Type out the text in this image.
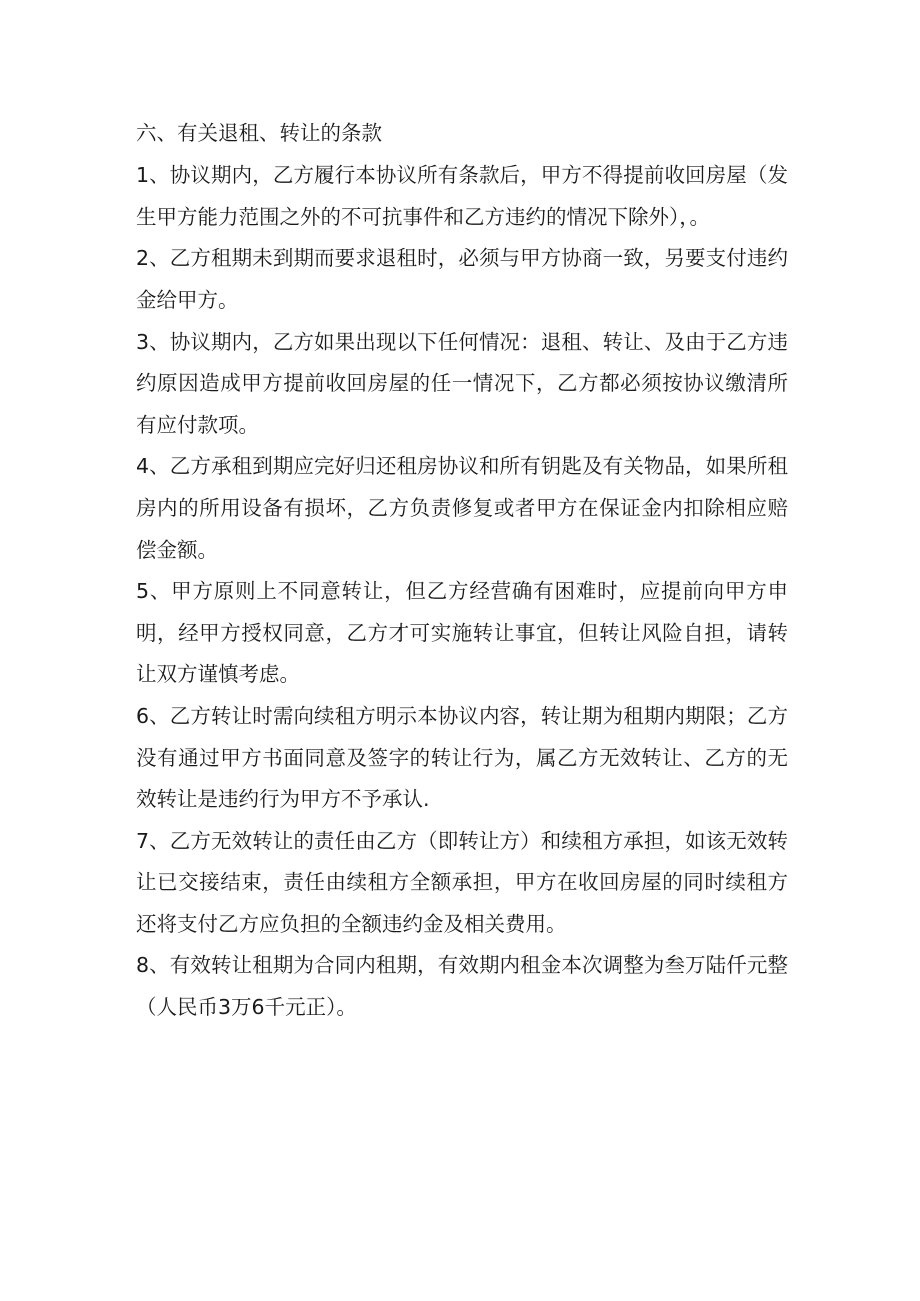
六、有关退租、转让的条款

1、协议期内，乙方履行本协议所有条款后，甲方不得提前收回房屋（发生甲方能力范围之外的不可抗事件和乙方违约的情况下除外），。

2、乙方租期未到期而要求退租时，必须与甲方协商一致，另要支付违约金给甲方。

3、协议期内，乙方如果出现以下任何情况：退租、转让、及由于乙方违约原因造成甲方提前收回房屋的任一情况下，乙方都必须按协议缴清所有应付款项。

4、乙方承租到期应完好归还租房协议和所有钥匙及有关物品，如果所租房内的所用设备有损坏，乙方负责修复或者甲方在保证金内扣除相应赔偿金额。

5、甲方原则上不同意转让，但乙方经营确有困难时，应提前向甲方申明，经甲方授权同意，乙方才可实施转让事宜，但转让风险自担，请转让双方谨慎考虑。

6、乙方转让时需向续租方明示本协议内容，转让期为租期内期限；乙方没有通过甲方书面同意及签字的转让行为，属乙方无效转让、乙方的无效转让是违约行为甲方不予承认.

7、乙方无效转让的责任由乙方（即转让方）和续租方承担，如该无效转让已交接结束，责任由续租方全额承担，甲方在收回房屋的同时续租方还将支付乙方应负担的全额违约金及相关费用。

8、有效转让租期为合同内租期，有效期内租金本次调整为叁万陆仟元整（人民币3万6千元正）。
